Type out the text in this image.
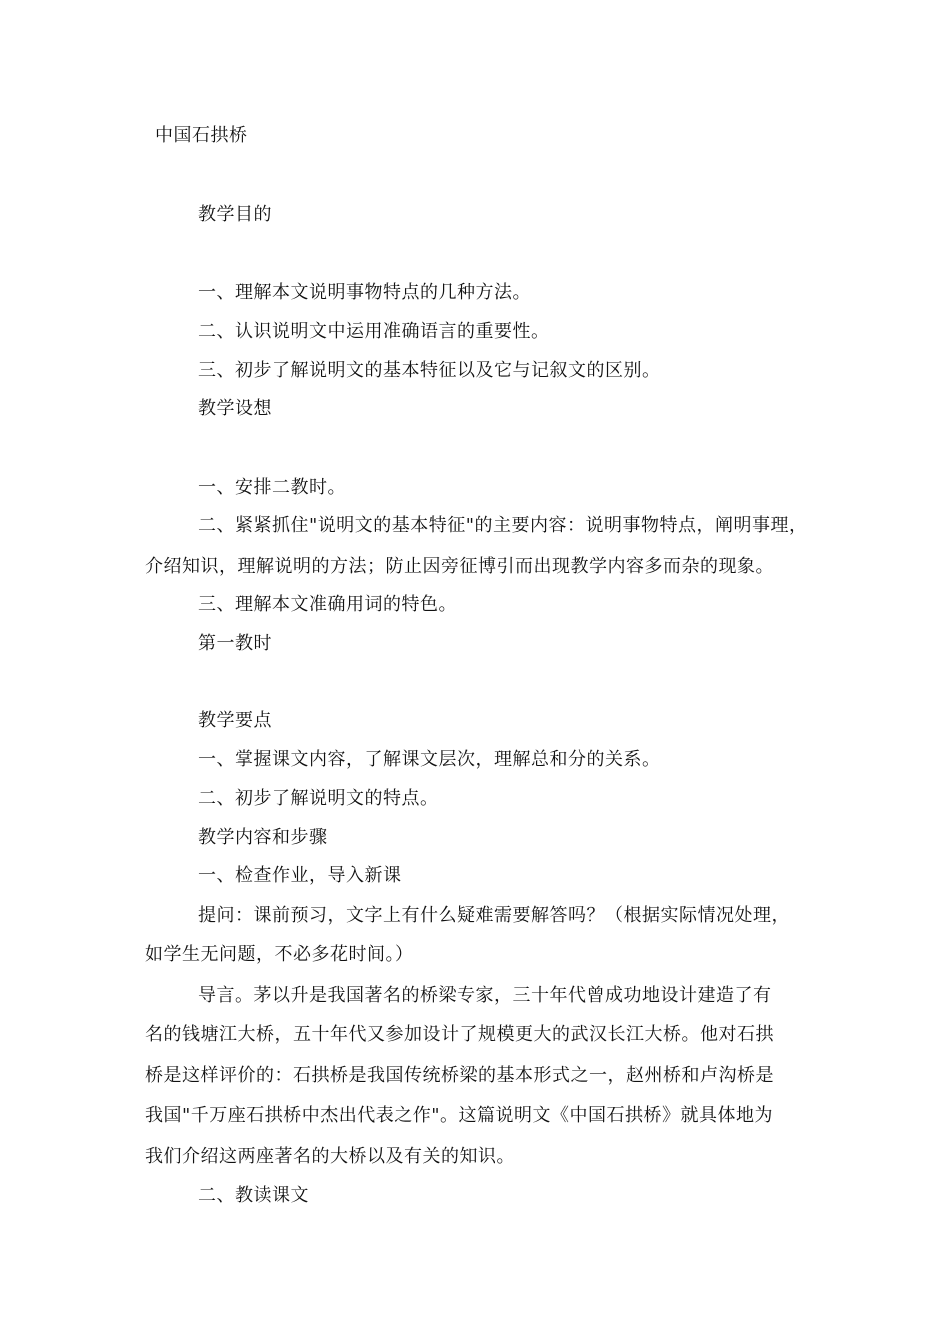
中国石拱桥
教学目的
一、理解本文说明事物特点的几种方法。
二、认识说明文中运用准确语言的重要性。
三、初步了解说明文的基本特征以及它与记叙文的区别。
教学设想
一、安排二教时。
二、紧紧抓住"说明文的基本特征"的主要内容：说明事物特点，阐明事理，
介绍知识，理解说明的方法；防止因旁征博引而出现教学内容多而杂的现象。
三、理解本文准确用词的特色。
第一教时
教学要点
一、掌握课文内容，了解课文层次，理解总和分的关系。
二、初步了解说明文的特点。
教学内容和步骤
一、检查作业，导入新课
提问：课前预习，文字上有什么疑难需要解答吗？（根据实际情况处理，
如学生无问题，不必多花时间。）
导言。茅以升是我国著名的桥梁专家，三十年代曾成功地设计建造了有
名的钱塘江大桥，五十年代又参加设计了规模更大的武汉长江大桥。他对石拱
桥是这样评价的：石拱桥是我国传统桥梁的基本形式之一，赵州桥和卢沟桥是
我国"千万座石拱桥中杰出代表之作"。这篇说明文《中国石拱桥》就具体地为
我们介绍这两座著名的大桥以及有关的知识。
二、教读课文
